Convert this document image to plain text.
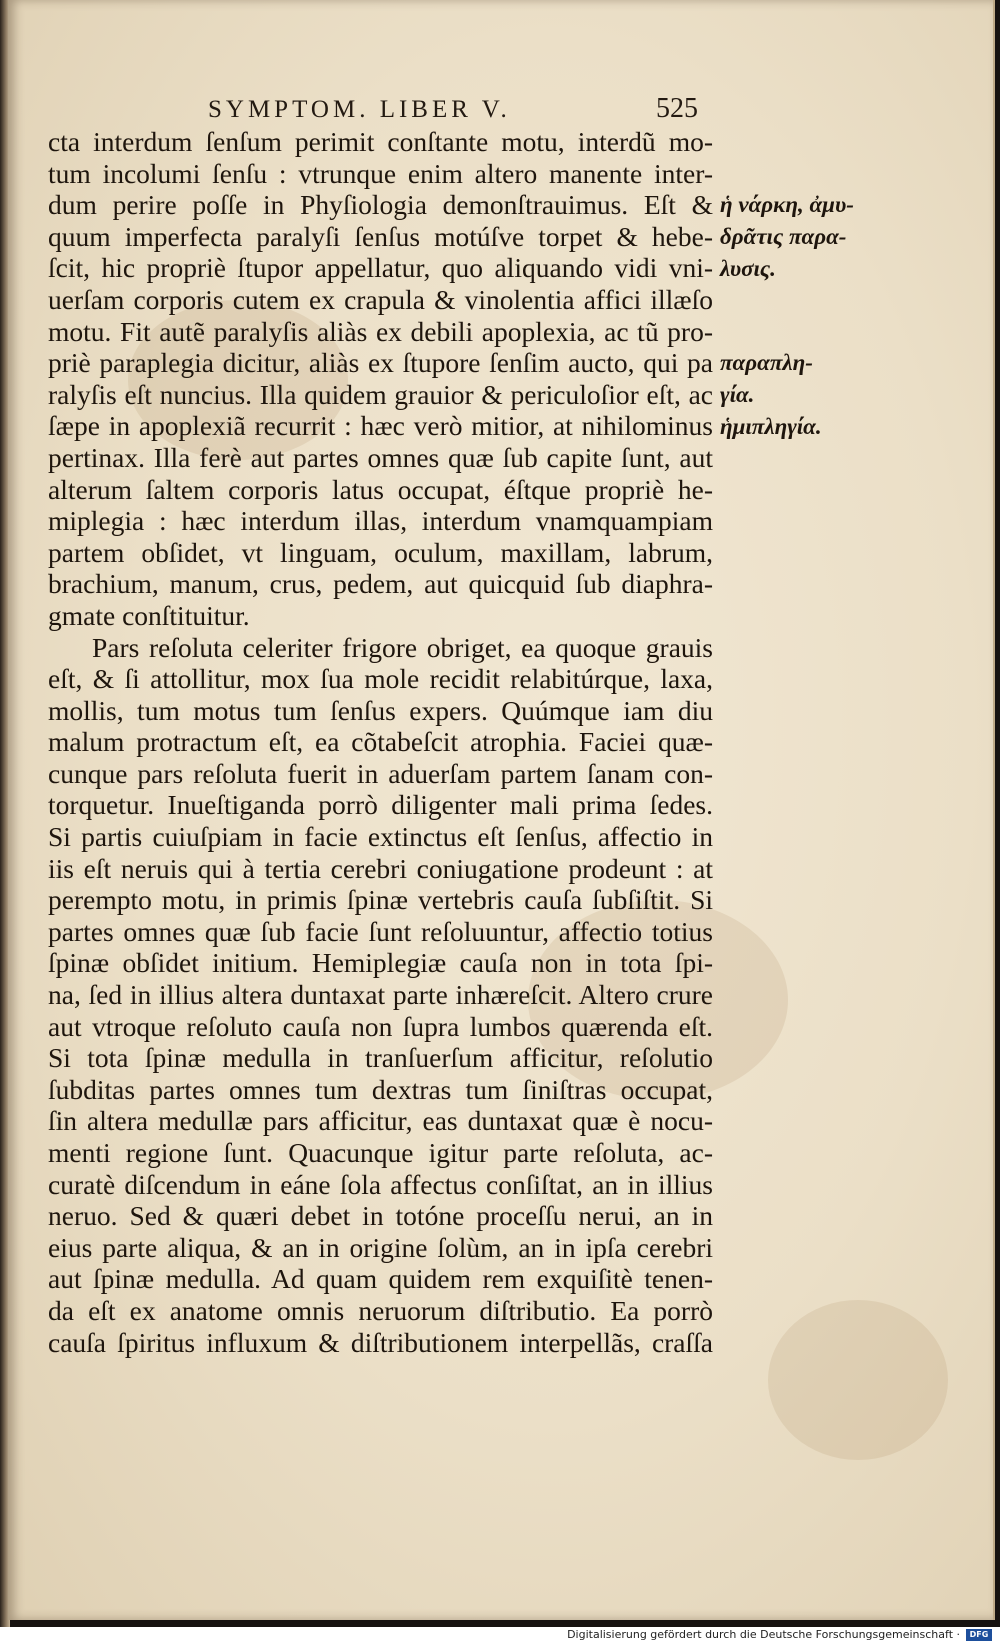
SYMPTOM. LIBER V.	525
cta interdum ſenſum perimit conſtante motu, interdũ mo-
tum incolumi ſenſu : vtrunque enim altero manente inter-
dum perire poſſe in Phyſiologia demonſtrauimus. Eſt &
quum imperfecta paralyſi ſenſus motúſve torpet & hebe-
ſcit, hic propriè ſtupor appellatur, quo aliquando vidi vni-
uerſam corporis cutem ex crapula & vinolentia affici illæſo
motu. Fit autẽ paralyſis aliàs ex debili apoplexia, ac tũ pro-
priè paraplegia dicitur, aliàs ex ſtupore ſenſim aucto, qui pa
ralyſis eſt nuncius. Illa quidem grauior & periculoſior eſt, ac
ſæpe in apoplexiã recurrit : hæc verò mitior, at nihilominus
pertinax. Illa ferè aut partes omnes quæ ſub capite ſunt, aut
alterum ſaltem corporis latus occupat, éſtque propriè he-
miplegia : hæc interdum illas, interdum vnamquampiam
partem obſidet, vt linguam, oculum, maxillam, labrum,
brachium, manum, crus, pedem, aut quicquid ſub diaphra-
gmate conſtituitur.
Pars reſoluta celeriter frigore obriget, ea quoque grauis
eſt, & ſi attollitur, mox ſua mole recidit relabitúrque, laxa,
mollis, tum motus tum ſenſus expers. Quúmque iam diu
malum protractum eſt, ea cõtabeſcit atrophia. Faciei quæ-
cunque pars reſoluta fuerit in aduerſam partem ſanam con-
torquetur. Inueſtiganda porrò diligenter mali prima ſedes.
Si partis cuiuſpiam in facie extinctus eſt ſenſus, affectio in
iis eſt neruis qui à tertia cerebri coniugatione prodeunt : at
perempto motu, in primis ſpinæ vertebris cauſa ſubſiſtit. Si
partes omnes quæ ſub facie ſunt reſoluuntur, affectio totius
ſpinæ obſidet initium. Hemiplegiæ cauſa non in tota ſpi-
na, ſed in illius altera duntaxat parte inhæreſcit. Altero crure
aut vtroque reſoluto cauſa non ſupra lumbos quærenda eſt.
Si tota ſpinæ medulla in tranſuerſum afficitur, reſolutio
ſubditas partes omnes tum dextras tum ſiniſtras occupat,
ſin altera medullæ pars afficitur, eas duntaxat quæ è nocu-
menti regione ſunt. Quacunque igitur parte reſoluta, ac-
curatè diſcendum in eáne ſola affectus conſiſtat, an in illius
neruo. Sed & quæri debet in totóne proceſſu nerui, an in
eius parte aliqua, & an in origine ſolùm, an in ipſa cerebri
aut ſpinæ medulla. Ad quam quidem rem exquiſitè tenen-
da eſt ex anatome omnis neruorum diſtributio. Ea porrò
cauſa ſpiritus influxum & diſtributionem interpellãs, craſſa
ἡ νάρκη, ἀμυ-
δρᾶτις παρα-
λυσις.
παραπλη-
γία.
ἡμιπληγία.
Digitalisierung gefördert durch die Deutsche Forschungsgemeinschaft ·	DFG
